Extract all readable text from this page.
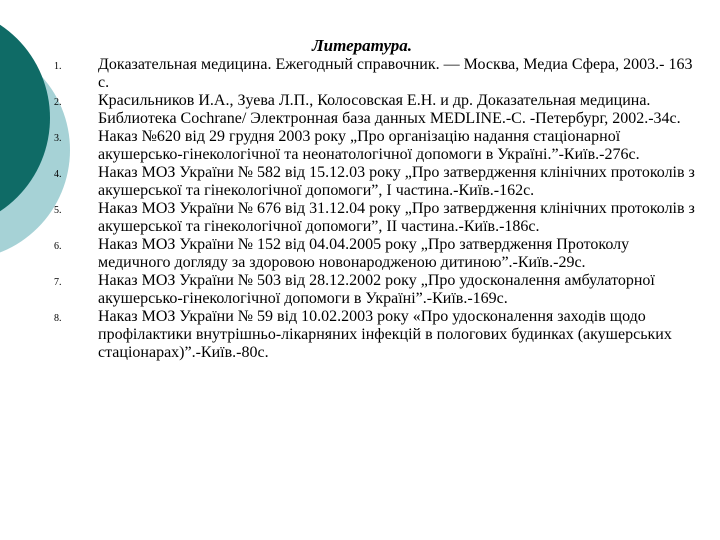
Литература.
1. Доказательная медицина. Ежегодный справочник. — Москва, Медиа Сфера, 2003.- 163 с.
2. Красильников И.А., Зуева Л.П., Колосовская Е.Н. и др. Доказательная медицина. Библиотека Cochrane/ Электронная база данных MEDLINE.-С. -Петербург, 2002.-34с.
3. Наказ №620 від 29 грудня 2003 року „Про організацію надання стаціонарної акушерсько-гінекологічної та неонатологічної допомоги в Україні.”-Київ.-276с.
4. Наказ МОЗ України № 582 від 15.12.03 року „Про затвердження клінічних протоколів з акушерської та гінекологічної допомоги”, І частина.-Київ.-162с.
5. Наказ МОЗ України № 676 від 31.12.04 року „Про затвердження клінічних протоколів з акушерської та гінекологічної допомоги”, ІІ частина.-Київ.-186с.
6. Наказ МОЗ України № 152 від 04.04.2005 року „Про затвердження Протоколу медичного догляду за здоровою новонародженою дитиною”.-Київ.-29с.
7. Наказ МОЗ України № 503 від 28.12.2002 року „Про удосконалення амбулаторної акушерсько-гінекологічної допомоги в Україні”.-Київ.-169с.
8. Наказ МОЗ України № 59 від 10.02.2003 року «Про удосконалення заходів щодо профілактики внутрішньо-лікарняних інфекцій в пологових будинках (акушерських стаціонарах)”.-Київ.-80с.
